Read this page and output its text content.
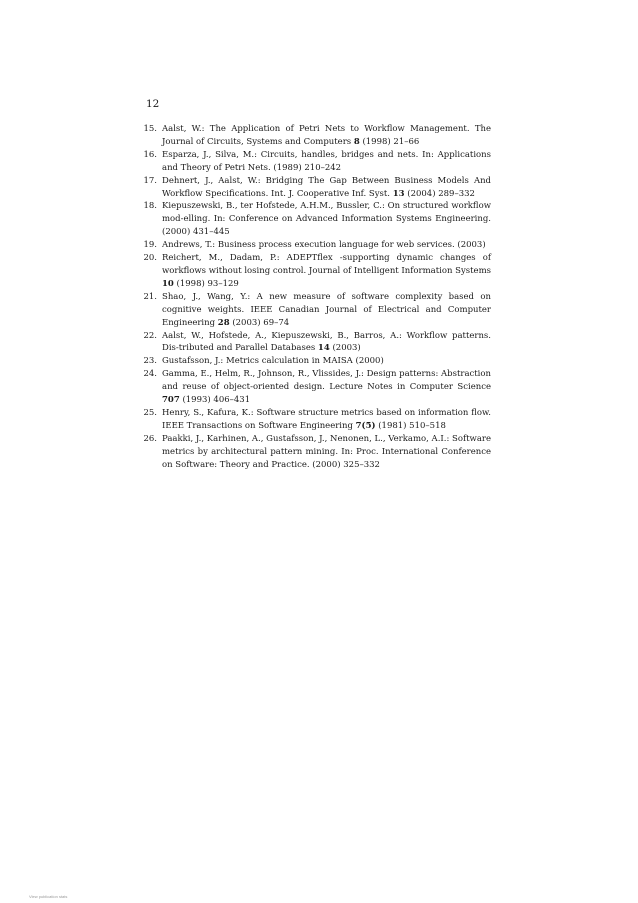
12
15. Aalst, W.: The Application of Petri Nets to Workflow Management. The Journal of Circuits, Systems and Computers 8 (1998) 21–66
16. Esparza, J., Silva, M.: Circuits, handles, bridges and nets. In: Applications and Theory of Petri Nets. (1989) 210–242
17. Dehnert, J., Aalst, W.: Bridging The Gap Between Business Models And Workflow Specifications. Int. J. Cooperative Inf. Syst. 13 (2004) 289–332
18. Kiepuszewski, B., ter Hofstede, A.H.M., Bussler, C.: On structured workflow mod-elling. In: Conference on Advanced Information Systems Engineering. (2000) 431–445
19. Andrews, T.: Business process execution language for web services. (2003)
20. Reichert, M., Dadam, P.: ADEPTflex -supporting dynamic changes of workflows without losing control. Journal of Intelligent Information Systems 10 (1998) 93–129
21. Shao, J., Wang, Y.: A new measure of software complexity based on cognitive weights. IEEE Canadian Journal of Electrical and Computer Engineering 28 (2003) 69–74
22. Aalst, W., Hofstede, A., Kiepuszewski, B., Barros, A.: Workflow patterns. Dis-tributed and Parallel Databases 14 (2003)
23. Gustafsson, J.: Metrics calculation in MAISA (2000)
24. Gamma, E., Helm, R., Johnson, R., Vlissides, J.: Design patterns: Abstraction and reuse of object-oriented design. Lecture Notes in Computer Science 707 (1993) 406–431
25. Henry, S., Kafura, K.: Software structure metrics based on information flow. IEEE Transactions on Software Engineering 7(5) (1981) 510–518
26. Paakki, J., Karhinen, A., Gustafsson, J., Nenonen, L., Verkamo, A.I.: Software metrics by architectural pattern mining. In: Proc. International Conference on Software: Theory and Practice. (2000) 325–332
View publication stats
